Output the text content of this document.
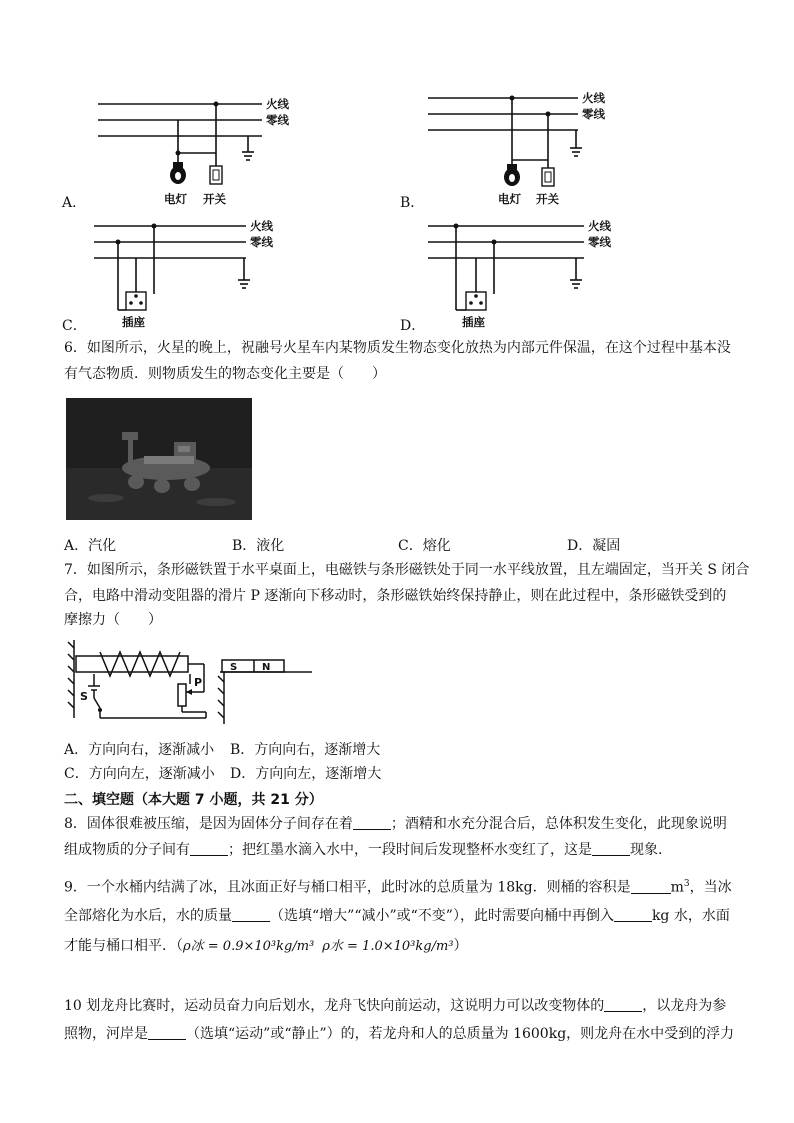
A．
火线
零线
电灯 开关	B．
火线
零线
电灯 开关
C．
火线
零线
插座	D．
火线
零线
插座
6．如图所示，火星的晚上，祝融号火星车内某物质发生物态变化放热为内部元件保温，在这个过程中基本没
有气态物质．则物质发生的物态变化主要是（　　）
A．汽化	B．液化	C．熔化	D．凝固
7．如图所示，条形磁铁置于水平桌面上，电磁铁与条形磁铁处于同一水平线放置，且左端固定，当开关 S 闭合
合，电路中滑动变阻器的滑片 P 逐渐向下移动时，条形磁铁始终保持静止，则在此过程中，条形磁铁受到的
摩擦力（　　）
S
P
S N
A．方向向右，逐渐减小 B．方向向右，逐渐增大
C．方向向左，逐渐减小 D．方向向左，逐渐增大
二、填空题（本大题 7 小题，共 21 分）
8．固体很难被压缩，是因为固体分子间存在着	；酒精和水充分混合后，总体积发生变化，此现象说明
组成物质的分子间有	；把红墨水滴入水中，一段时间后发现整杯水变红了，这是	现象.
9．一个水桶内结满了冰，且冰面正好与桶口相平，此时冰的总质量为 18kg．则桶的容积是	$m^3$，当冰
全部熔化为水后，水的质量	（选填“增大”“减小”或“不变”），此时需要向桶中再倒入	kg 水，水面
才能与桶口相平．（ρ冰 = 0.9×10³kg/m³ ρ水 = 1.0×10³kg/m³）
10 划龙舟比赛时，运动员奋力向后划水，龙舟飞快向前运动，这说明力可以改变物体的	，以龙舟为参
照物，河岸是	（选填“运动”或“静止”）的，若龙舟和人的总质量为 1600kg，则龙舟在水中受到的浮力
